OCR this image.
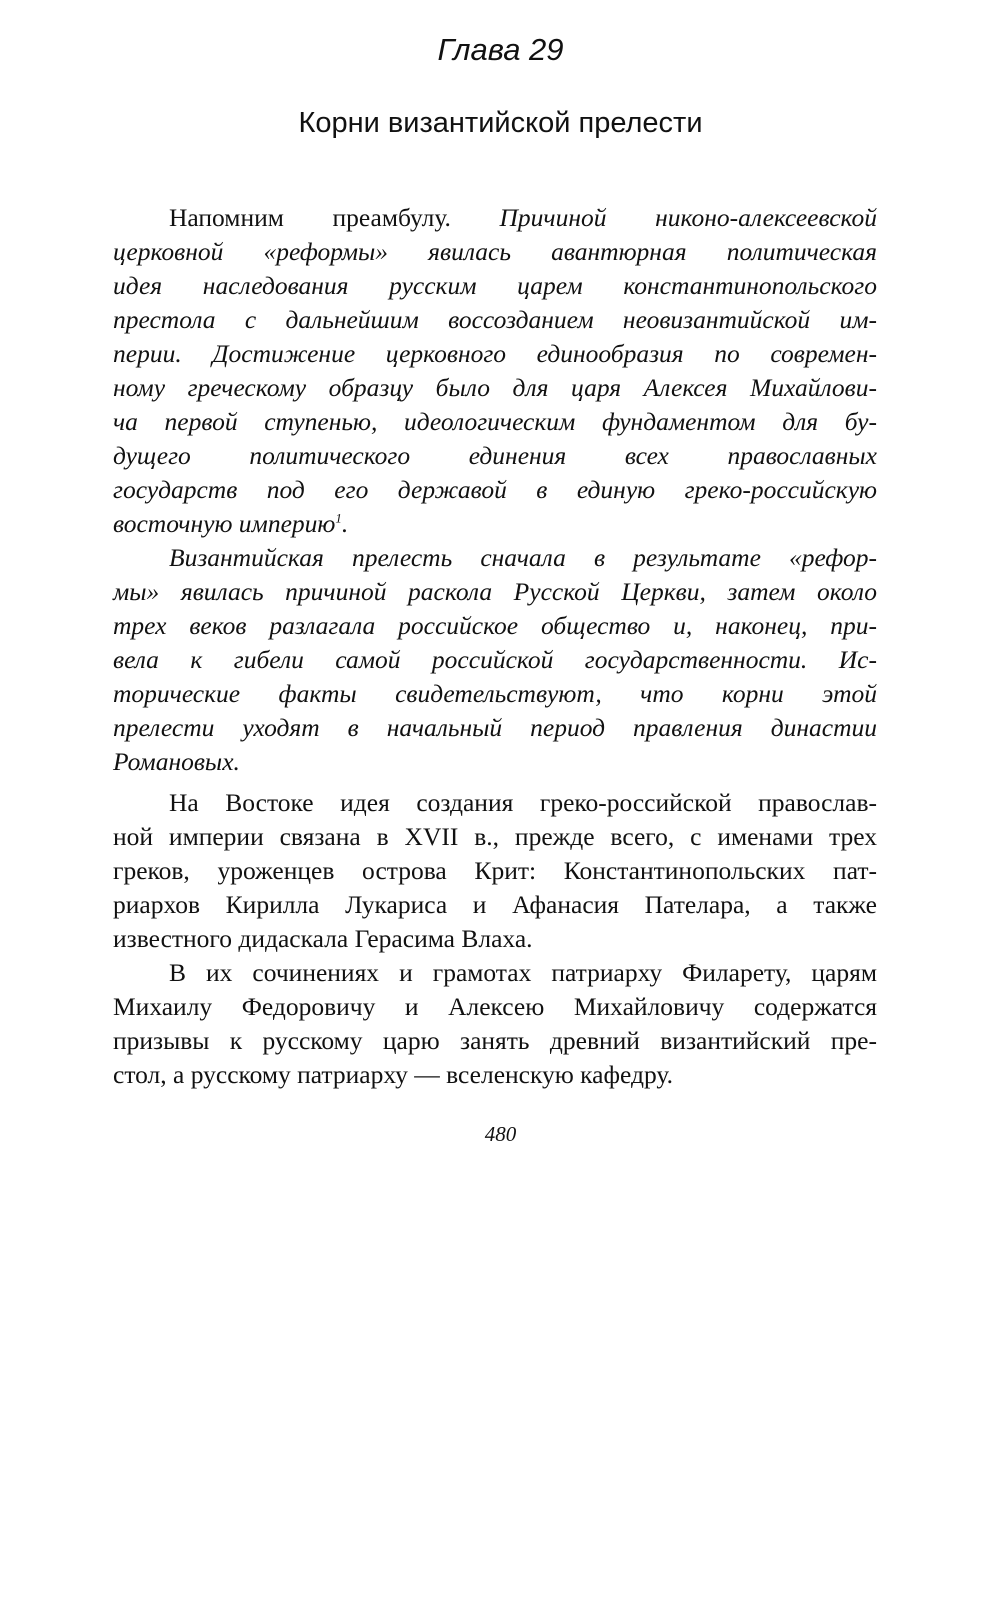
Глава 29
Корни византийской прелести
Напомним преамбулу. Причиной никоно-алексеевской
церковной «реформы» явилась авантюрная политическая
идея наследования русским царем константинопольского
престола с дальнейшим воссозданием неовизантийской им-
перии. Достижение церковного единообразия по современ-
ному греческому образцу было для царя Алексея Михайлови-
ча первой ступенью, идеологическим фундаментом для бу-
дущего политического единения всех православных
государств под его державой в единую греко-российскую
восточную империю$^1$.
Византийская прелесть сначала в результате «рефор-
мы» явилась причиной раскола Русской Церкви, затем около
трех веков разлагала российское общество и, наконец, при-
вела к гибели самой российской государственности. Ис-
торические факты свидетельствуют, что корни этой
прелести уходят в начальный период правления династии
Романовых.
На Востоке идея создания греко-российской православ-
ной империи связана в XVII в., прежде всего, с именами трех
греков, уроженцев острова Крит: Константинопольских пат-
риархов Кирилла Лукариса и Афанасия Пателара, а также
известного дидаскала Герасима Влаха.
В их сочинениях и грамотах патриарху Филарету, царям
Михаилу Федоровичу и Алексею Михайловичу содержатся
призывы к русскому царю занять древний византийский пре-
стол, а русскому патриарху — вселенскую кафедру.
480
